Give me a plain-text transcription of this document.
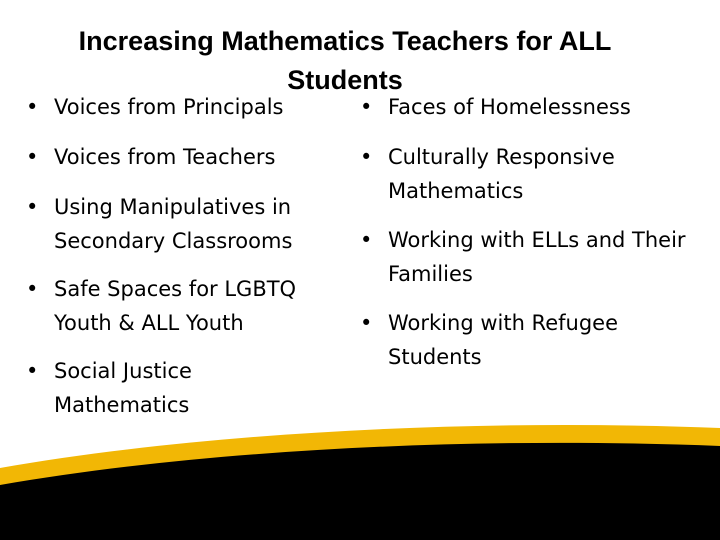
Increasing Mathematics Teachers for ALL Students
• Voices from Principals
• Voices from Teachers
• Using Manipulatives in Secondary Classrooms
• Safe Spaces for LGBTQ Youth & ALL Youth
• Social Justice Mathematics
• Faces of Homelessness
• Culturally Responsive Mathematics
• Working with ELLs and Their Families
• Working with Refugee Students
